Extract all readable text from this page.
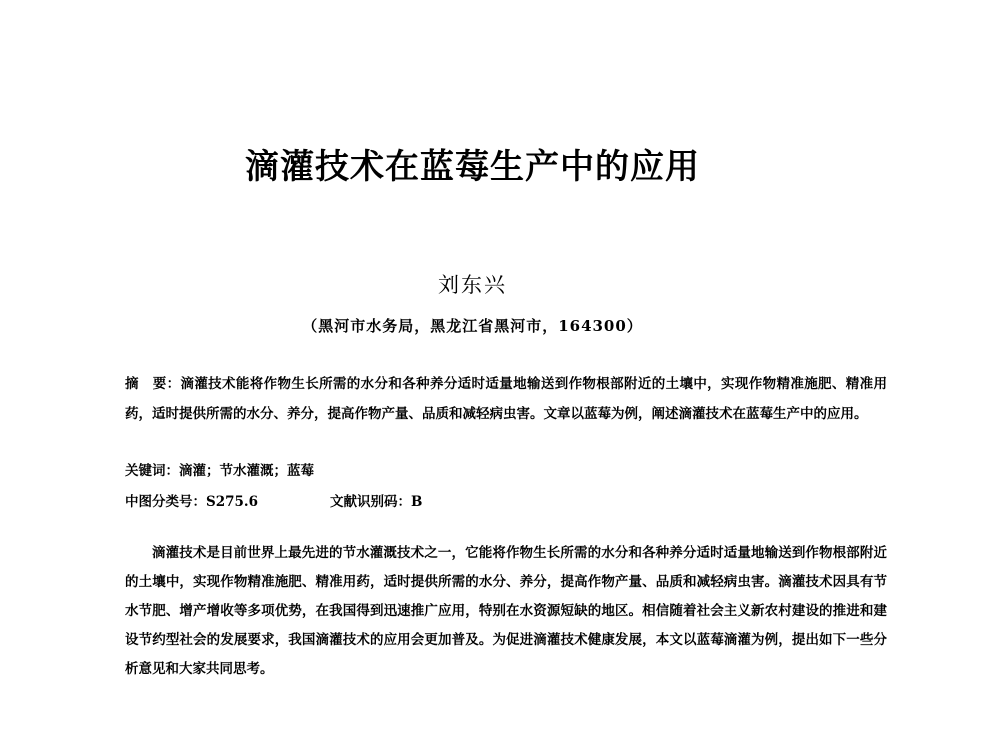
滴灌技术在蓝莓生产中的应用
刘东兴
（黑河市水务局，黑龙江省黑河市，164300）
摘　要：滴灌技术能将作物生长所需的水分和各种养分适时适量地输送到作物根部附近的土壤中，实现作物精准施肥、精准用药，适时提供所需的水分、养分，提高作物产量、品质和减轻病虫害。文章以蓝莓为例，阐述滴灌技术在蓝莓生产中的应用。
关键词：滴灌；节水灌溉；蓝莓
中图分类号：S275.6	文献识别码：B
滴灌技术是目前世界上最先进的节水灌溉技术之一，它能将作物生长所需的水分和各种养分适时适量地输送到作物根部附近的土壤中，实现作物精准施肥、精准用药，适时提供所需的水分、养分，提高作物产量、品质和减轻病虫害。滴灌技术因具有节水节肥、增产增收等多项优势，在我国得到迅速推广应用，特别在水资源短缺的地区。相信随着社会主义新农村建设的推进和建设节约型社会的发展要求，我国滴灌技术的应用会更加普及。为促进滴灌技术健康发展，本文以蓝莓滴灌为例，提出如下一些分析意见和大家共同思考。
